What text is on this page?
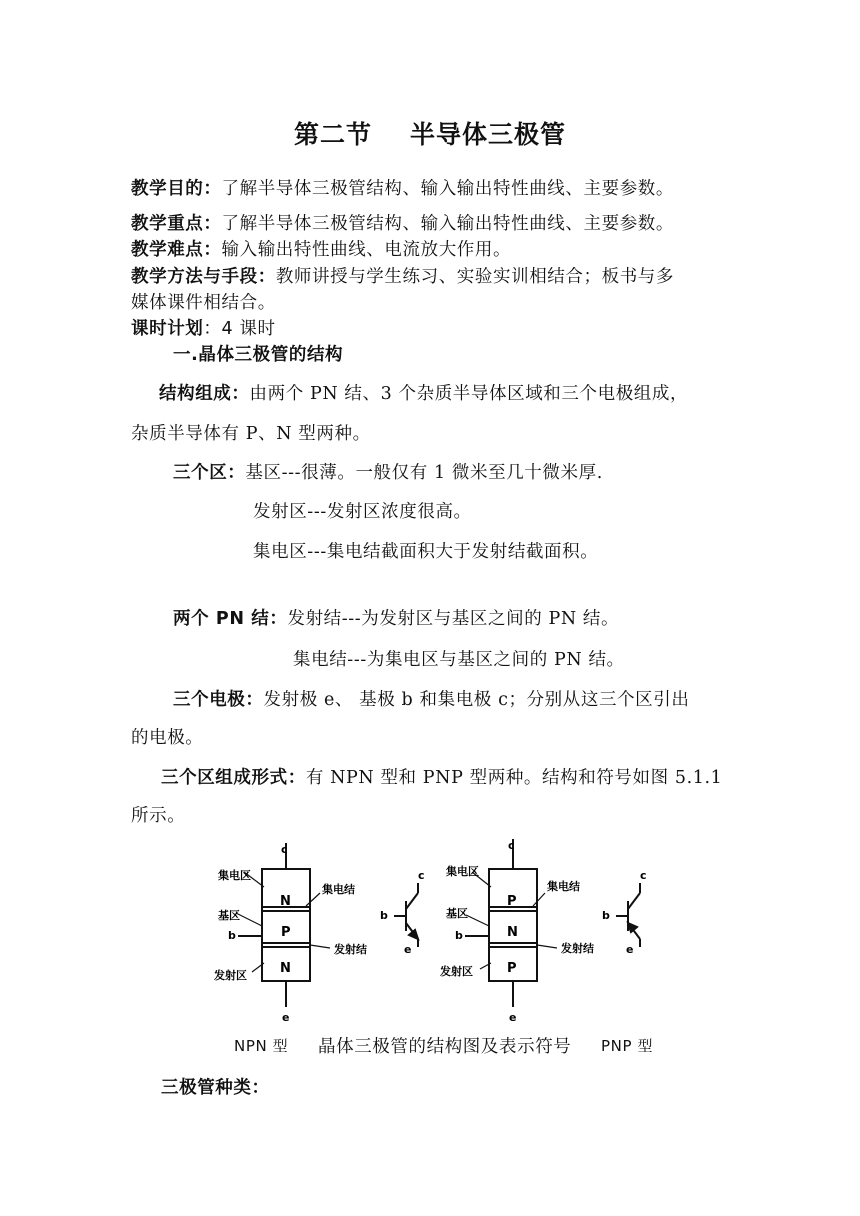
第二节 半导体三极管
教学目的：了解半导体三极管结构、输入输出特性曲线、主要参数。
教学重点：了解半导体三极管结构、输入输出特性曲线、主要参数。
教学难点：输入输出特性曲线、电流放大作用。
教学方法与手段：教师讲授与学生练习、实验实训相结合；板书与多
媒体课件相结合。
课时计划：4 课时
一.晶体三极管的结构
结构组成：由两个 PN 结、3 个杂质半导体区域和三个电极组成，
杂质半导体有 P、N 型两种。
三个区：基区---很薄。一般仅有 1 微米至几十微米厚.
发射区---发射区浓度很高。
集电区---集电结截面积大于发射结截面积。
两个 PN 结：发射结---为发射区与基区之间的 PN 结。
集电结---为集电区与基区之间的 PN 结。
三个电极：发射极 e、 基极 b 和集电极 c；分别从这三个区引出
的电极。
三个区组成形式：有 NPN 型和 PNP 型两种。结构和符号如图 5.1.1
所示。
c
e
b
N
P
N
集电区
集电结
基区
发射结
发射区
c
b
e
c
e
b
P
N
P
集电区
集电结
基区
发射结
发射区
c
b
e
NPN 型 晶体三极管的结构图及表示符号 PNP 型
三极管种类：
